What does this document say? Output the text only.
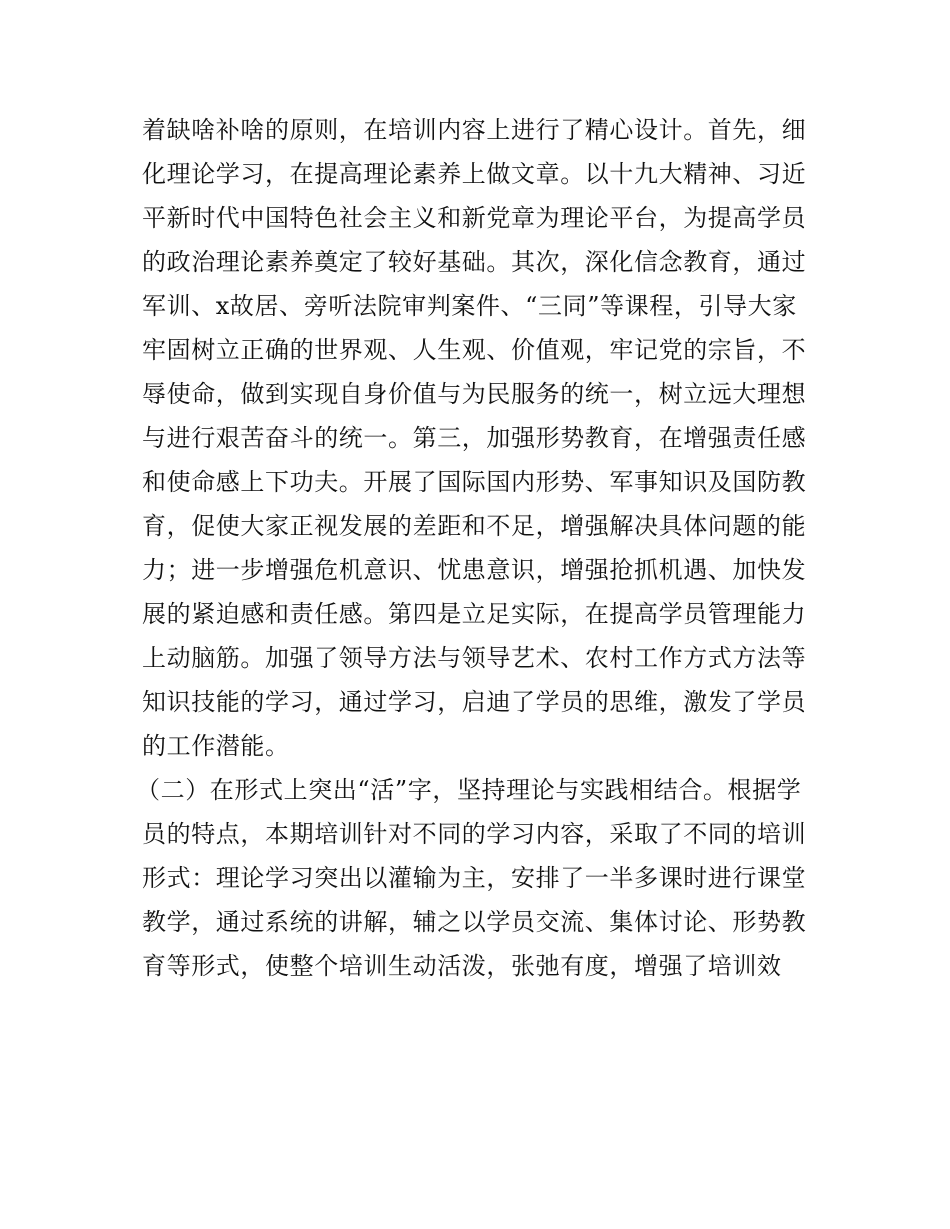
着缺啥补啥的原则，在培训内容上进行了精心设计。首先，细
化理论学习，在提高理论素养上做文章。以十九大精神、习近
平新时代中国特色社会主义和新党章为理论平台，为提高学员
的政治理论素养奠定了较好基础。其次，深化信念教育，通过
军训、x故居、旁听法院审判案件、“三同”等课程，引导大家
牢固树立正确的世界观、人生观、价值观，牢记党的宗旨，不
辱使命，做到实现自身价值与为民服务的统一，树立远大理想
与进行艰苦奋斗的统一。第三，加强形势教育，在增强责任感
和使命感上下功夫。开展了国际国内形势、军事知识及国防教
育，促使大家正视发展的差距和不足，增强解决具体问题的能
力；进一步增强危机意识、忧患意识，增强抢抓机遇、加快发
展的紧迫感和责任感。第四是立足实际，在提高学员管理能力
上动脑筋。加强了领导方法与领导艺术、农村工作方式方法等
知识技能的学习，通过学习，启迪了学员的思维，激发了学员
的工作潜能。
（二）在形式上突出“活”字，坚持理论与实践相结合。根据学
员的特点，本期培训针对不同的学习内容，采取了不同的培训
形式：理论学习突出以灌输为主，安排了一半多课时进行课堂
教学，通过系统的讲解，辅之以学员交流、集体讨论、形势教
育等形式，使整个培训生动活泼，张弛有度，增强了培训效
